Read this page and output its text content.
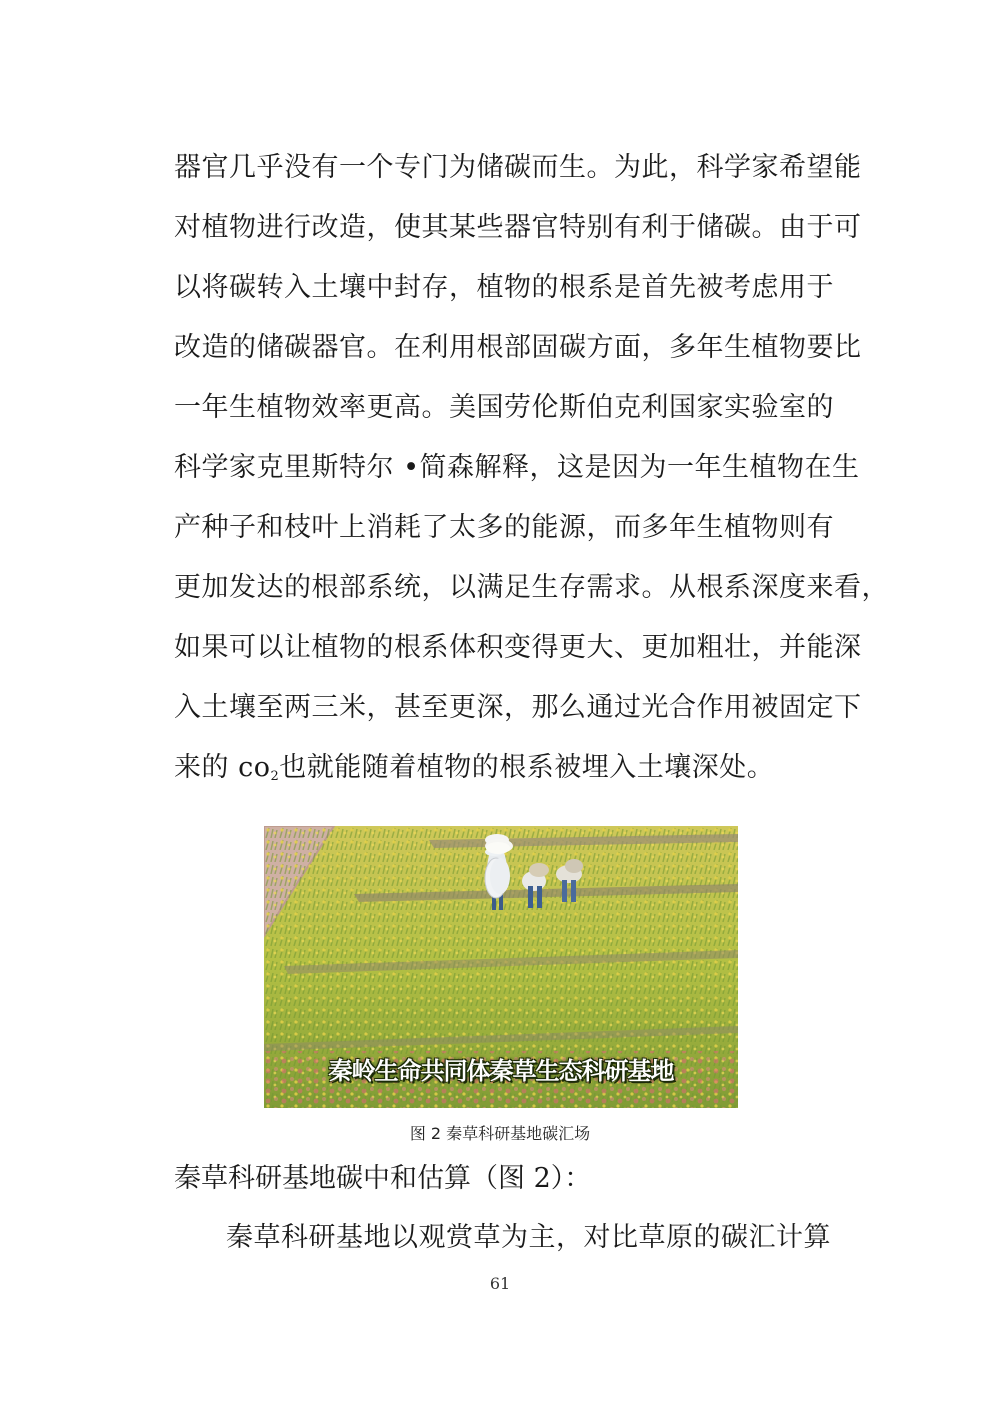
器官几乎没有一个专门为储碳而生。为此，科学家希望能
对植物进行改造，使其某些器官特别有利于储碳。由于可
以将碳转入土壤中封存，植物的根系是首先被考虑用于
改造的储碳器官。在利用根部固碳方面，多年生植物要比
一年生植物效率更高。美国劳伦斯伯克利国家实验室的
科学家克里斯特尔 •简森解释，这是因为一年生植物在生
产种子和枝叶上消耗了太多的能源，而多年生植物则有
更加发达的根部系统，以满足生存需求。从根系深度来看，
如果可以让植物的根系体积变得更大、更加粗壮，并能深
入土壤至两三米，甚至更深，那么通过光合作用被固定下
来的 $co_2$也就能随着植物的根系被埋入土壤深处。
秦岭生命共同体秦草生态科研基地
图 2 秦草科研基地碳汇场
秦草科研基地碳中和估算（图 2）：
秦草科研基地以观赏草为主，对比草原的碳汇计算
61
